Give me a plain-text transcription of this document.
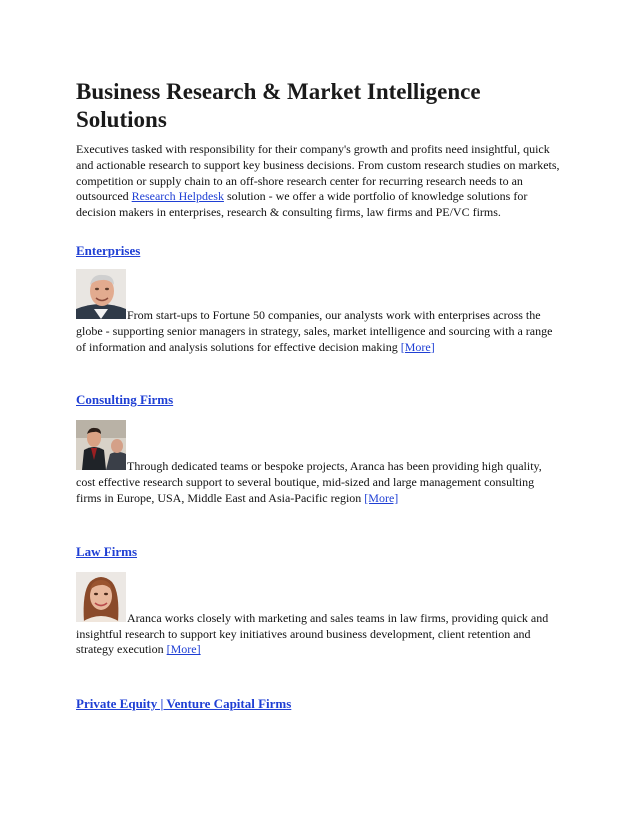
Business Research & Market Intelligence Solutions

Executives tasked with responsibility for their company's growth and profits need insightful, quick and actionable research to support key business decisions. From custom research studies on markets, competition or supply chain to an off-shore research center for recurring research needs to an outsourced Research Helpdesk solution - we offer a wide portfolio of knowledge solutions for decision makers in enterprises, research & consulting firms, law firms and PE/VC firms.

Enterprises

From start-ups to Fortune 50 companies, our analysts work with enterprises across the globe - supporting senior managers in strategy, sales, market intelligence and sourcing with a range of information and analysis solutions for effective decision making [More]

Consulting Firms

Through dedicated teams or bespoke projects, Aranca has been providing high quality, cost effective research support to several boutique, mid-sized and large management consulting firms in Europe, USA, Middle East and Asia-Pacific region [More]

Law Firms

Aranca works closely with marketing and sales teams in law firms, providing quick and insightful research to support key initiatives around business development, client retention and strategy execution [More]

Private Equity | Venture Capital Firms
